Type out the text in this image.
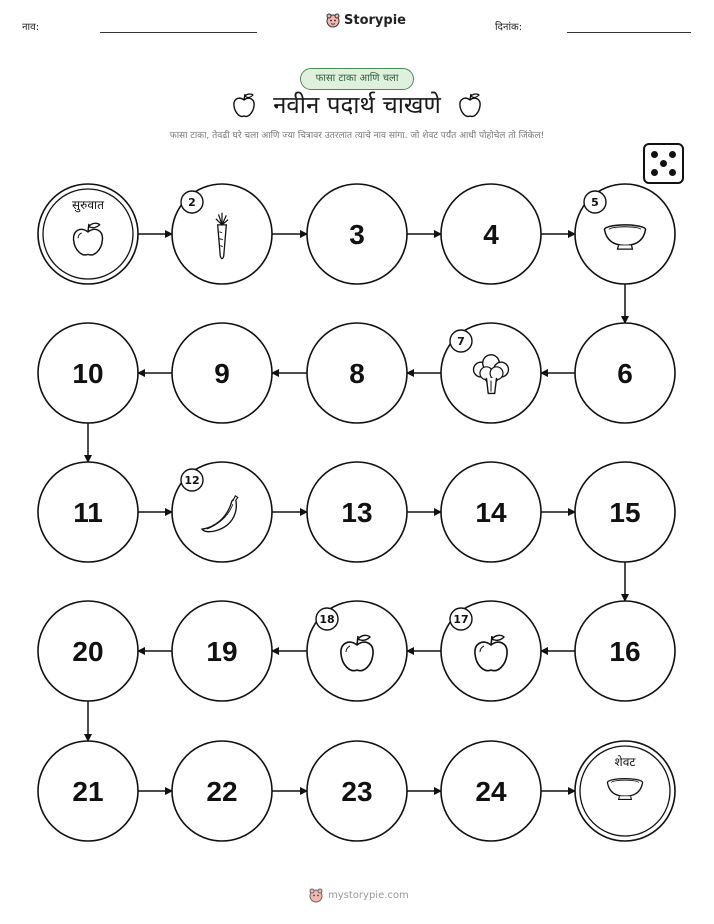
नाव:	Storypie	दिनांक:
फासा टाका आणि चला
नवीन पदार्थ चाखणे
फासा टाका, तेवढी घरे चला आणि ज्या चित्रावर उतरलात त्याचे नाव सांगा. जो शेवट पर्यंत आधी पोहोचेल तो जिंकेल!
सुरुवात	2
3	4
5
6
7
8
9
10
11
12
13	14	15
16
17
18
19
20
21	22	23	24
शेवट
mystorypie.com
